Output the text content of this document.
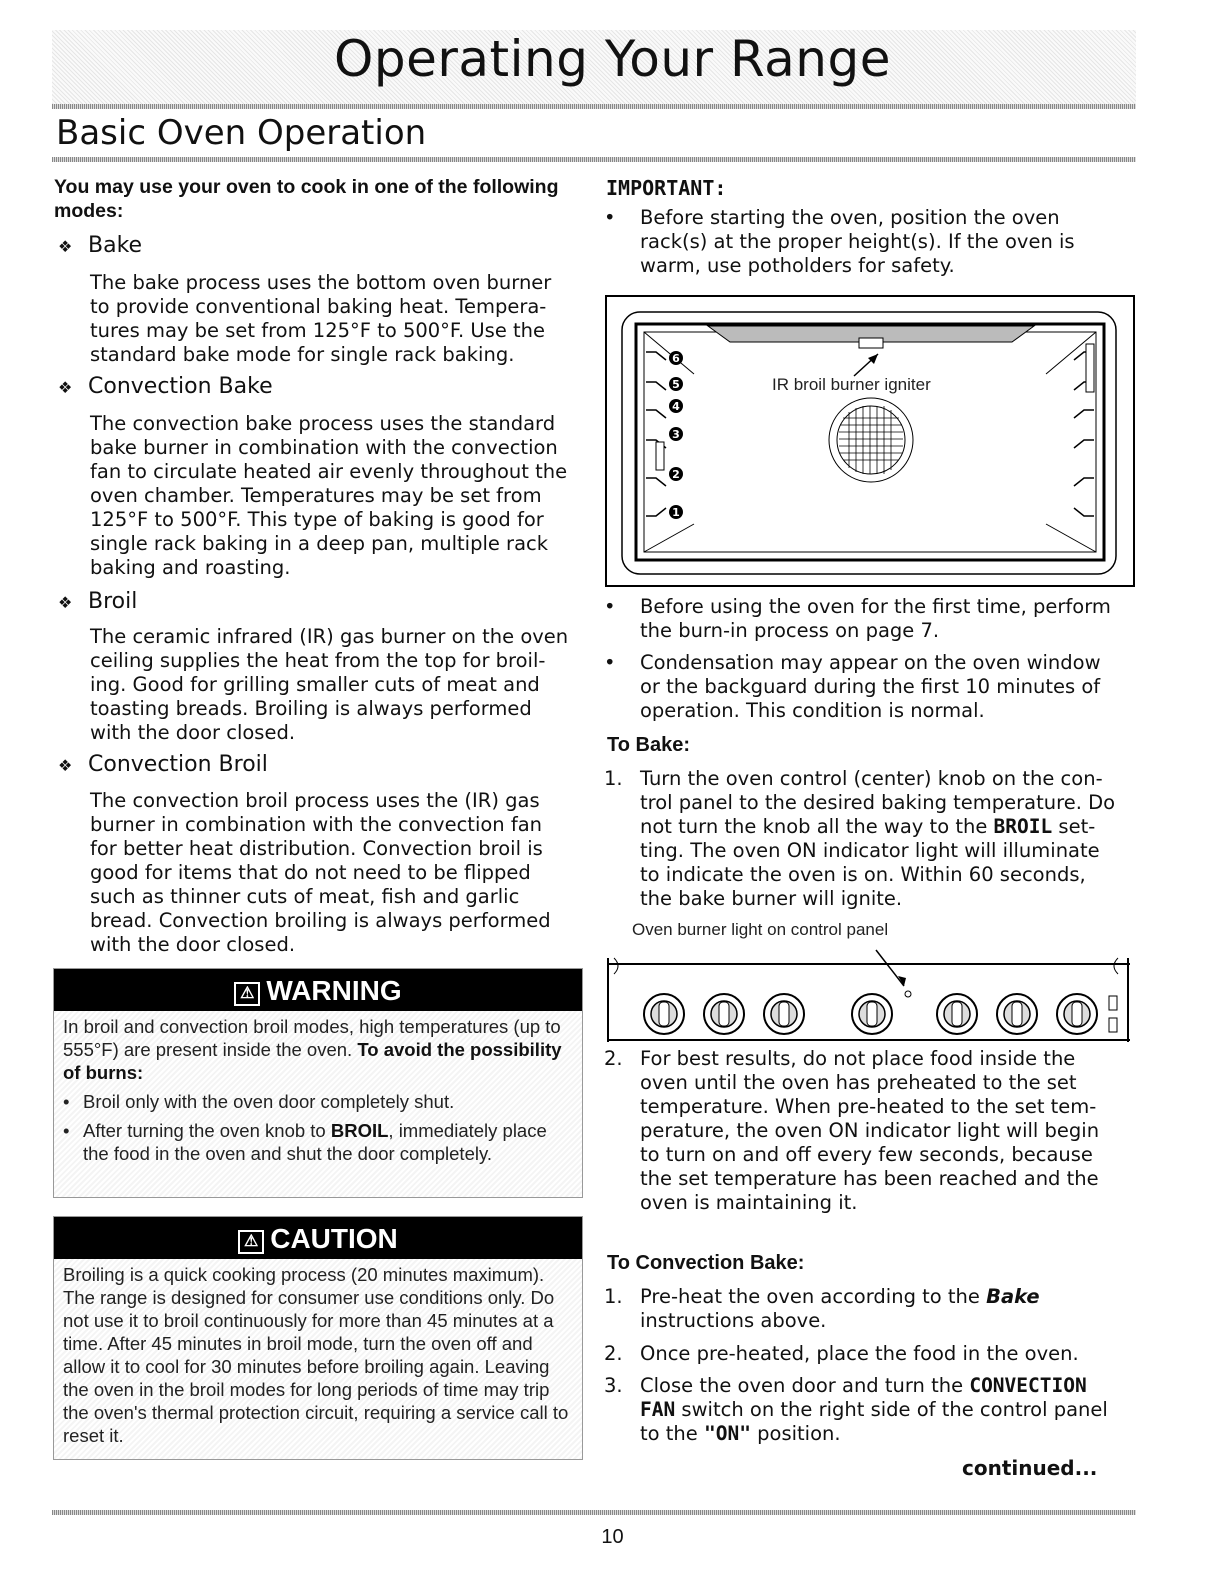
Operating Your Range
Basic Oven Operation
You may use your oven to cook in one of the following modes:
❖ Bake
The bake process uses the bottom oven burner
to provide conventional baking heat. Tempera-
tures may be set from 125°F to 500°F. Use the
standard bake mode for single rack baking.
❖ Convection Bake
The convection bake process uses the standard
bake burner in combination with the convection
fan to circulate heated air evenly throughout the
oven chamber. Temperatures may be set from
125°F to 500°F. This type of baking is good for
single rack baking in a deep pan, multiple rack
baking and roasting.
❖ Broil
The ceramic infrared (IR) gas burner on the oven
ceiling supplies the heat from the top for broil-
ing. Good for grilling smaller cuts of meat and
toasting breads. Broiling is always performed
with the door closed.
❖ Convection Broil
The convection broil process uses the (IR) gas
burner in combination with the convection fan
for better heat distribution. Convection broil is
good for items that do not need to be flipped
such as thinner cuts of meat, fish and garlic
bread. Convection broiling is always performed
with the door closed.
⚠ WARNING
In broil and convection broil modes, high temperatures (up to 555°F) are present inside the oven. To avoid the possibility of burns:
• Broil only with the oven door completely shut.
• After turning the oven knob to BROIL, immediately place the food in the oven and shut the door completely.
⚠ CAUTION
Broiling is a quick cooking process (20 minutes maximum). The range is designed for consumer use conditions only. Do not use it to broil continuously for more than 45 minutes at a time. After 45 minutes in broil mode, turn the oven off and allow it to cool for 30 minutes before broiling again. Leaving the oven in the broil modes for long periods of time may trip the oven's thermal protection circuit, requiring a service call to reset it.
IMPORTANT:
•	Before starting the oven, position the oven
rack(s) at the proper height(s). If the oven is
warm, use potholders for safety.
6
5
4
3
2
1
IR broil burner igniter
•	Before using the oven for the first time, perform
the burn-in process on page 7.
•	Condensation may appear on the oven window
or the backguard during the first 10 minutes of
operation. This condition is normal.
To Bake:
1. Turn the oven control (center) knob on the con-
trol panel to the desired baking temperature. Do
not turn the knob all the way to the BROIL set-
ting. The oven ON indicator light will illuminate
to indicate the oven is on. Within 60 seconds,
the bake burner will ignite.
Oven burner light on control panel
2. For best results, do not place food inside the
oven until the oven has preheated to the set
temperature. When pre-heated to the set tem-
perature, the oven ON indicator light will begin
to turn on and off every few seconds, because
the set temperature has been reached and the
oven is maintaining it.
To Convection Bake:
1. Pre-heat the oven according to the Bake
instructions above.
2. Once pre-heated, place the food in the oven.
3. Close the oven door and turn the CONVECTION
FAN switch on the right side of the control panel
to the "ON" position.
continued...
10
